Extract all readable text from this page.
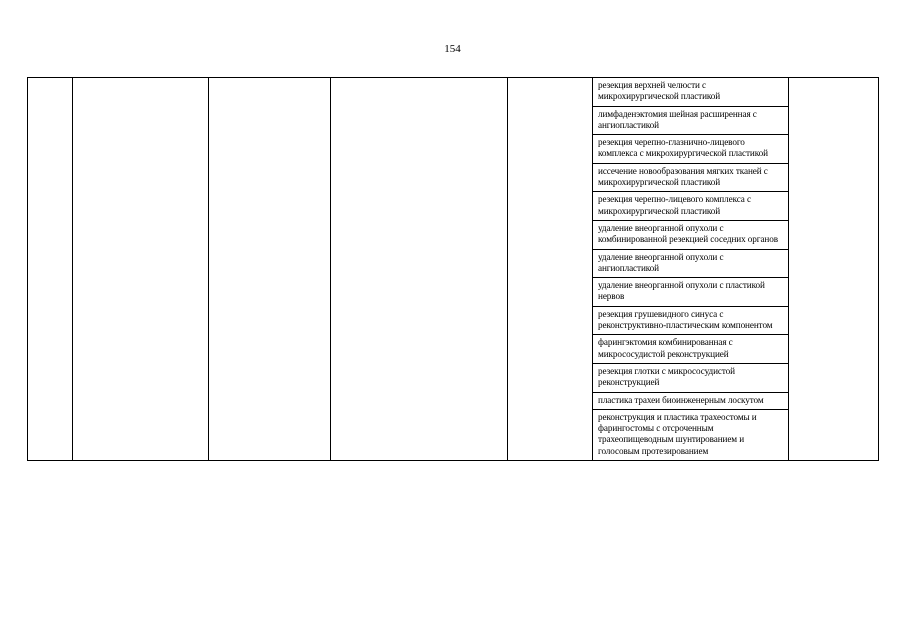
154

резекция верхней челюсти с микрохирургической пластикой

лимфаденэктомия шейная расширенная с ангиопластикой

резекция черепно-глазнично-лицевого комплекса с микрохирургической пластикой

иссечение новообразования мягких тканей с микрохирургической пластикой

резекция черепно-лицевого комплекса с микрохирургической пластикой

удаление внеорганной опухоли с комбинированной резекцией соседних органов

удаление внеорганной опухоли с ангиопластикой

удаление внеорганной опухоли с пластикой нервов

резекция грушевидного синуса с реконструктивно-пластическим компонентом

фарингэктомия комбинированная с микрососудистой реконструкцией

резекция глотки с микрососудистой реконструкцией

пластика трахеи биоинженерным лоскутом

реконструкция и пластика трахеостомы и фарингостомы с отсроченным трахеопищеводным шунтированием и голосовым протезированием
